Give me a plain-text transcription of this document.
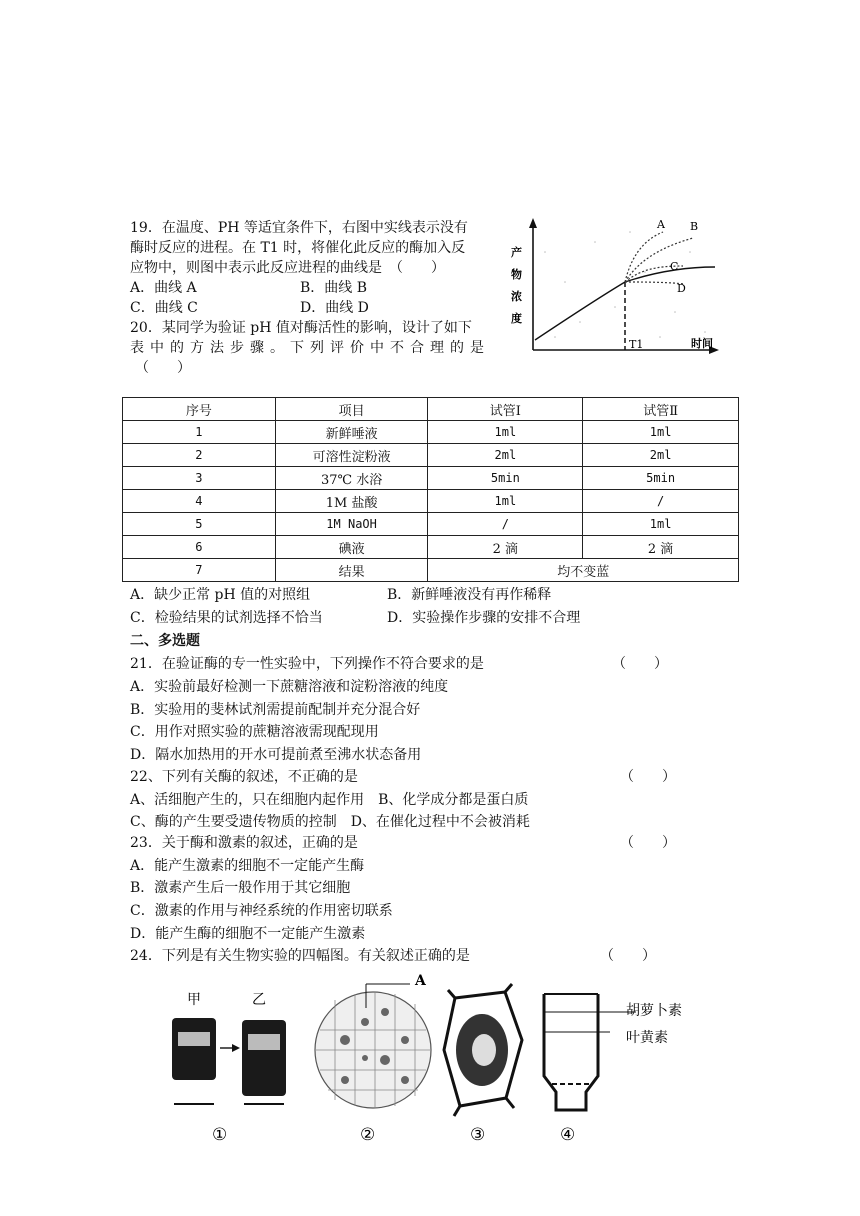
19．在温度、PH 等适宜条件下，右图中实线表示没有
酶时反应的进程。在 T1 时，将催化此反应的酶加入反
应物中，则图中表示此反应进程的曲线是　 （　　）
A．曲线 A	B．曲线 B
C．曲线 C	D．曲线 D
20．某同学为验证 pH 值对酶活性的影响，设计了如下
表中的方法步骤。下列评价中不合理的是
（　　）
产
物
浓
度
时间
T1
A B
C
D
序号	项目	试管Ⅰ	试管Ⅱ
1	新鲜唾液	1ml	1ml
2	可溶性淀粉液	2ml	2ml
3	37℃ 水浴	5min	5min
4	1M 盐酸	1ml	/
5	1M NaOH	/	1ml
6	碘液	2 滴	2 滴
7	结果	均不变蓝	
A．缺少正常 pH 值的对照组	B．新鲜唾液没有再作稀释
C．检验结果的试剂选择不恰当	D．实验操作步骤的安排不合理
二、多选题
21．在验证酶的专一性实验中，下列操作不符合要求的是	（　　）
A．实验前最好检测一下蔗糖溶液和淀粉溶液的纯度
B．实验用的斐林试剂需提前配制并充分混合好
C．用作对照实验的蔗糖溶液需现配现用
D．隔水加热用的开水可提前煮至沸水状态备用
22、下列有关酶的叙述，不正确的是	（　　）
A、活细胞产生的，只在细胞内起作用　B、化学成分都是蛋白质
C、酶的产生要受遗传物质的控制　D、在催化过程中不会被消耗
23．关于酶和激素的叙述，正确的是	（　　）
A．能产生激素的细胞不一定能产生酶
B．激素产生后一般作用于其它细胞
C．激素的作用与神经系统的作用密切联系
D．能产生酶的细胞不一定能产生激素
24．下列是有关生物实验的四幅图。有关叙述正确的是	（　　）
甲	乙
①
A
②	③
胡萝卜素
叶黄素
④
